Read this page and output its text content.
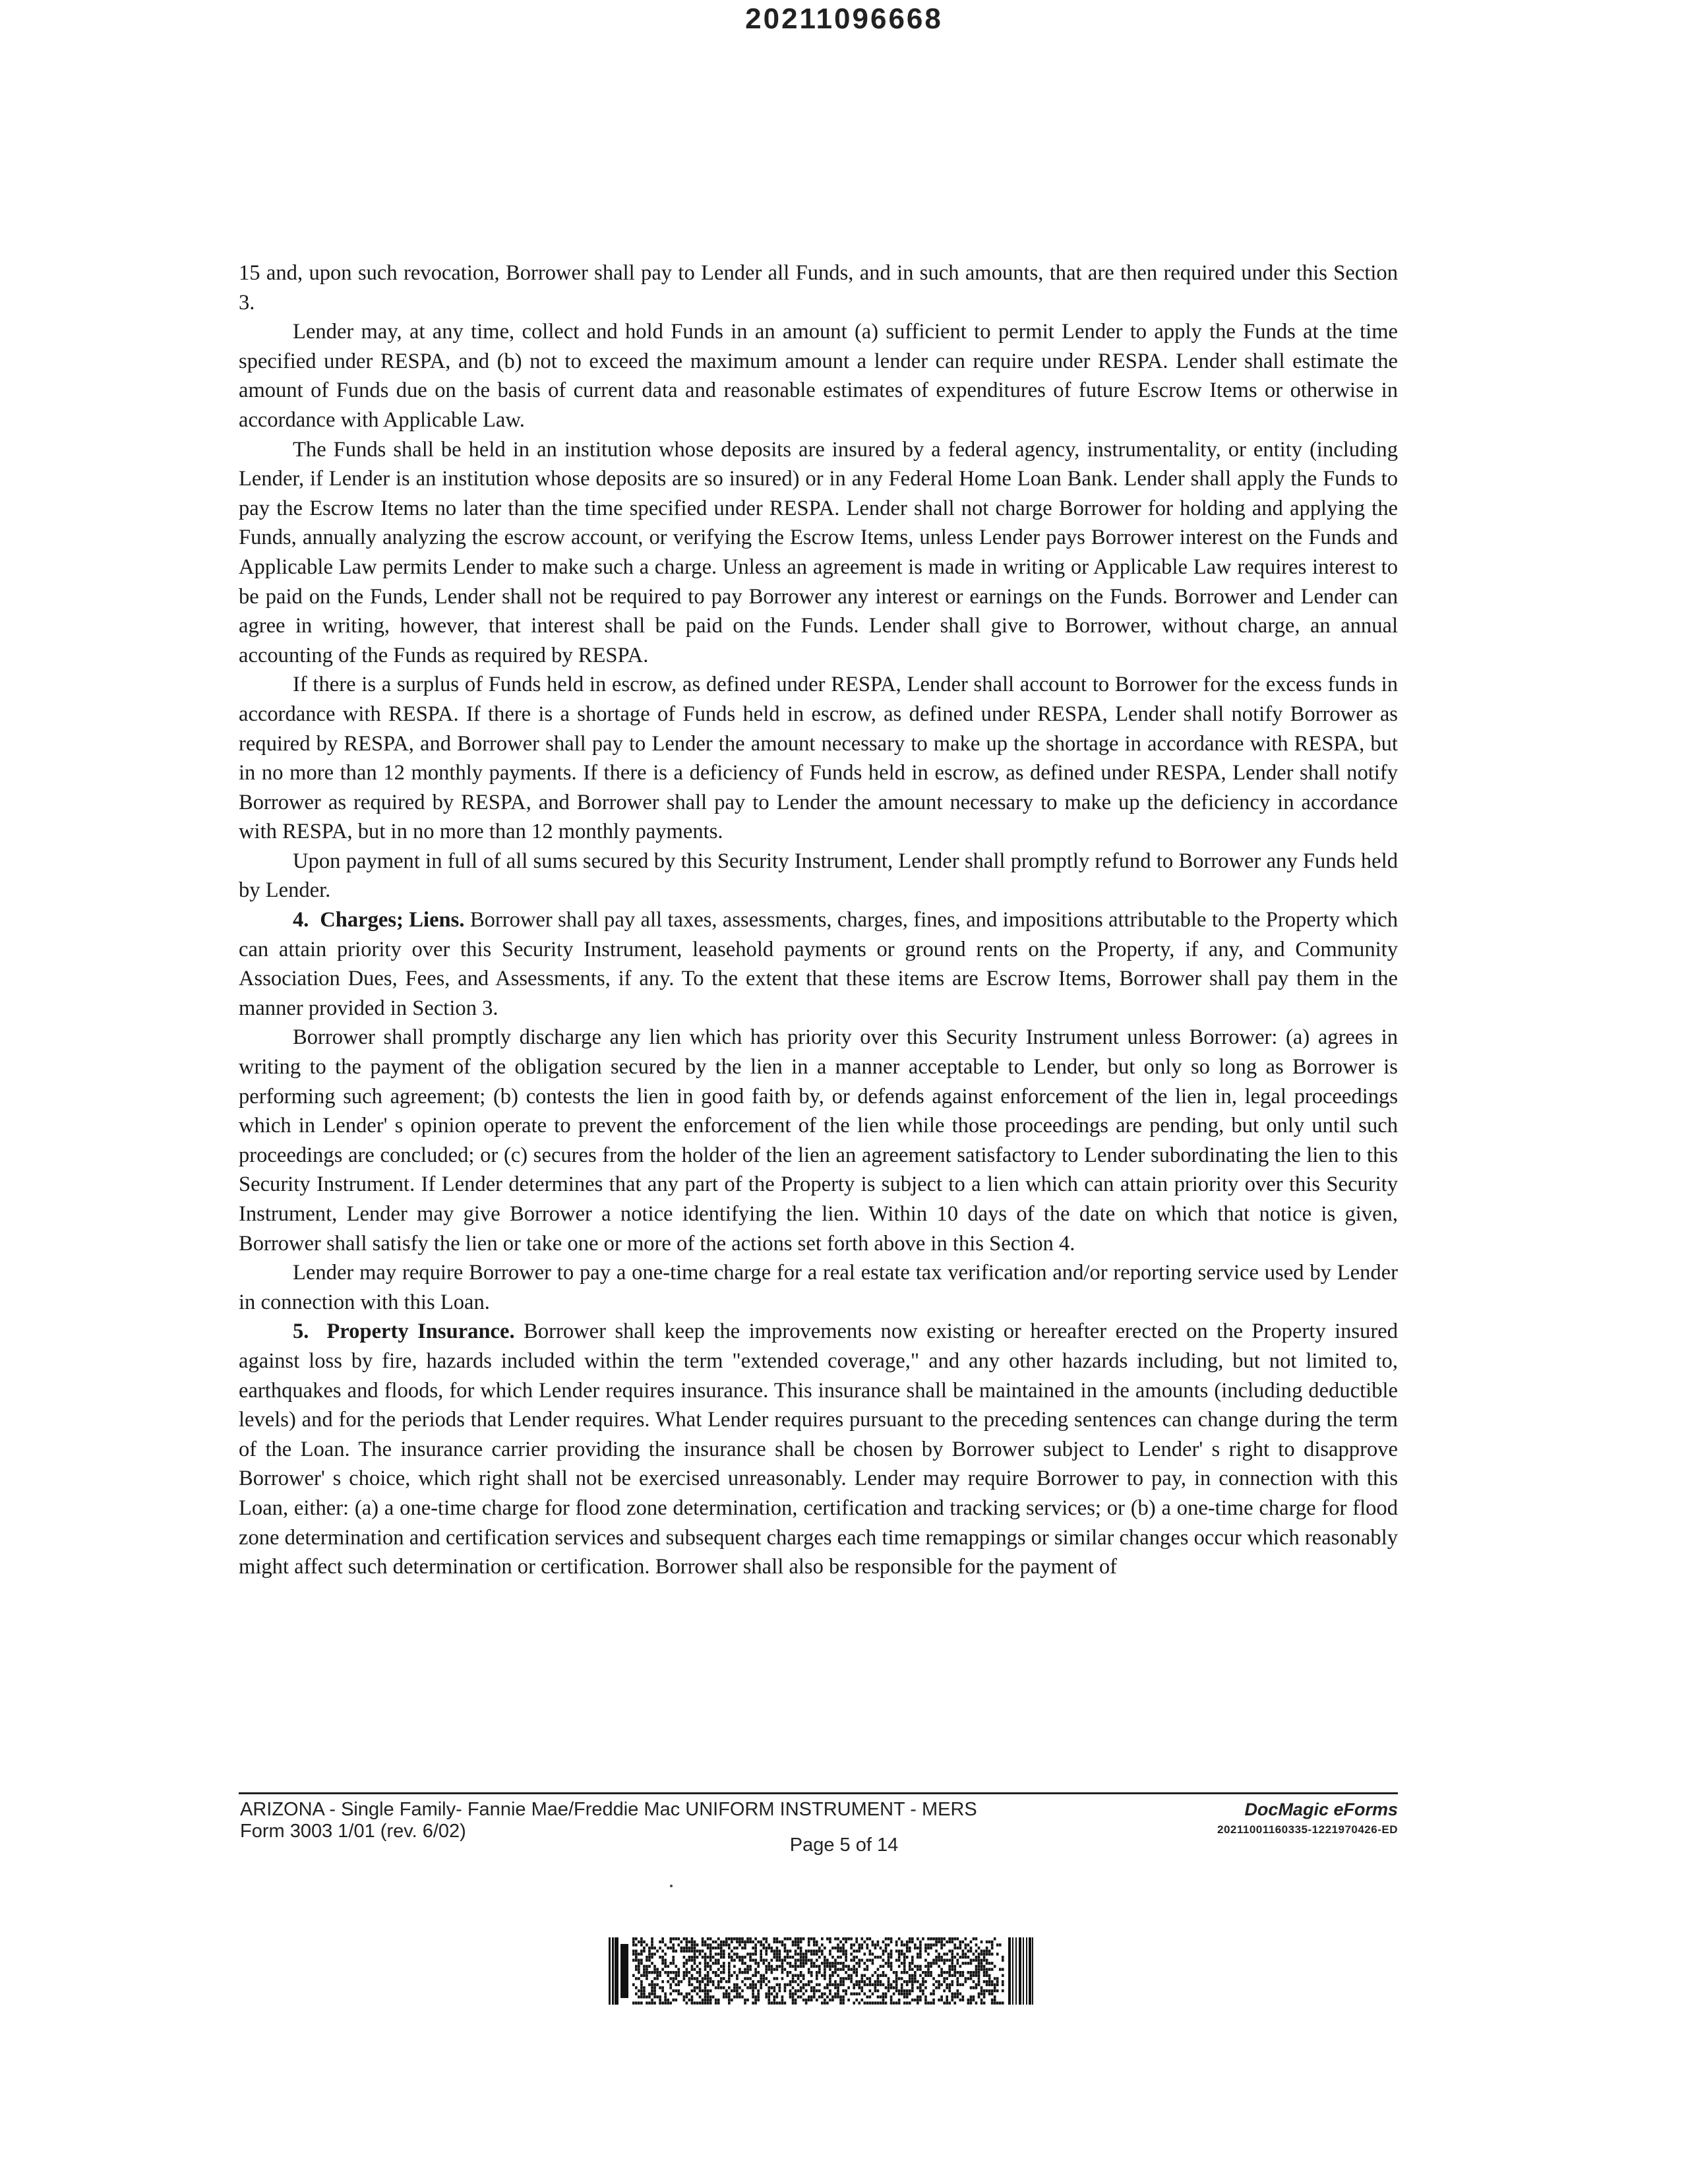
20211096668

15 and, upon such revocation, Borrower shall pay to Lender all Funds, and in such amounts, that are then required under this Section 3.

Lender may, at any time, collect and hold Funds in an amount (a) sufficient to permit Lender to apply the Funds at the time specified under RESPA, and (b) not to exceed the maximum amount a lender can require under RESPA. Lender shall estimate the amount of Funds due on the basis of current data and reasonable estimates of expenditures of future Escrow Items or otherwise in accordance with Applicable Law.

The Funds shall be held in an institution whose deposits are insured by a federal agency, instrumentality, or entity (including Lender, if Lender is an institution whose deposits are so insured) or in any Federal Home Loan Bank. Lender shall apply the Funds to pay the Escrow Items no later than the time specified under RESPA. Lender shall not charge Borrower for holding and applying the Funds, annually analyzing the escrow account, or verifying the Escrow Items, unless Lender pays Borrower interest on the Funds and Applicable Law permits Lender to make such a charge. Unless an agreement is made in writing or Applicable Law requires interest to be paid on the Funds, Lender shall not be required to pay Borrower any interest or earnings on the Funds. Borrower and Lender can agree in writing, however, that interest shall be paid on the Funds. Lender shall give to Borrower, without charge, an annual accounting of the Funds as required by RESPA.

If there is a surplus of Funds held in escrow, as defined under RESPA, Lender shall account to Borrower for the excess funds in accordance with RESPA. If there is a shortage of Funds held in escrow, as defined under RESPA, Lender shall notify Borrower as required by RESPA, and Borrower shall pay to Lender the amount necessary to make up the shortage in accordance with RESPA, but in no more than 12 monthly payments. If there is a deficiency of Funds held in escrow, as defined under RESPA, Lender shall notify Borrower as required by RESPA, and Borrower shall pay to Lender the amount necessary to make up the deficiency in accordance with RESPA, but in no more than 12 monthly payments.

Upon payment in full of all sums secured by this Security Instrument, Lender shall promptly refund to Borrower any Funds held by Lender.

4. Charges; Liens. Borrower shall pay all taxes, assessments, charges, fines, and impositions attributable to the Property which can attain priority over this Security Instrument, leasehold payments or ground rents on the Property, if any, and Community Association Dues, Fees, and Assessments, if any. To the extent that these items are Escrow Items, Borrower shall pay them in the manner provided in Section 3.

Borrower shall promptly discharge any lien which has priority over this Security Instrument unless Borrower: (a) agrees in writing to the payment of the obligation secured by the lien in a manner acceptable to Lender, but only so long as Borrower is performing such agreement; (b) contests the lien in good faith by, or defends against enforcement of the lien in, legal proceedings which in Lender' s opinion operate to prevent the enforcement of the lien while those proceedings are pending, but only until such proceedings are concluded; or (c) secures from the holder of the lien an agreement satisfactory to Lender subordinating the lien to this Security Instrument. If Lender determines that any part of the Property is subject to a lien which can attain priority over this Security Instrument, Lender may give Borrower a notice identifying the lien. Within 10 days of the date on which that notice is given, Borrower shall satisfy the lien or take one or more of the actions set forth above in this Section 4.

Lender may require Borrower to pay a one-time charge for a real estate tax verification and/or reporting service used by Lender in connection with this Loan.

5. Property Insurance. Borrower shall keep the improvements now existing or hereafter erected on the Property insured against loss by fire, hazards included within the term "extended coverage," and any other hazards including, but not limited to, earthquakes and floods, for which Lender requires insurance. This insurance shall be maintained in the amounts (including deductible levels) and for the periods that Lender requires. What Lender requires pursuant to the preceding sentences can change during the term of the Loan. The insurance carrier providing the insurance shall be chosen by Borrower subject to Lender' s right to disapprove Borrower' s choice, which right shall not be exercised unreasonably. Lender may require Borrower to pay, in connection with this Loan, either: (a) a one-time charge for flood zone determination, certification and tracking services; or (b) a one-time charge for flood zone determination and certification services and subsequent charges each time remappings or similar changes occur which reasonably might affect such determination or certification. Borrower shall also be responsible for the payment of

ARIZONA - Single Family- Fannie Mae/Freddie Mac UNIFORM INSTRUMENT - MERS
Form 3003 1/01 (rev. 6/02)
DocMagic eForms
20211001160335-1221970426-ED
Page 5 of 14
